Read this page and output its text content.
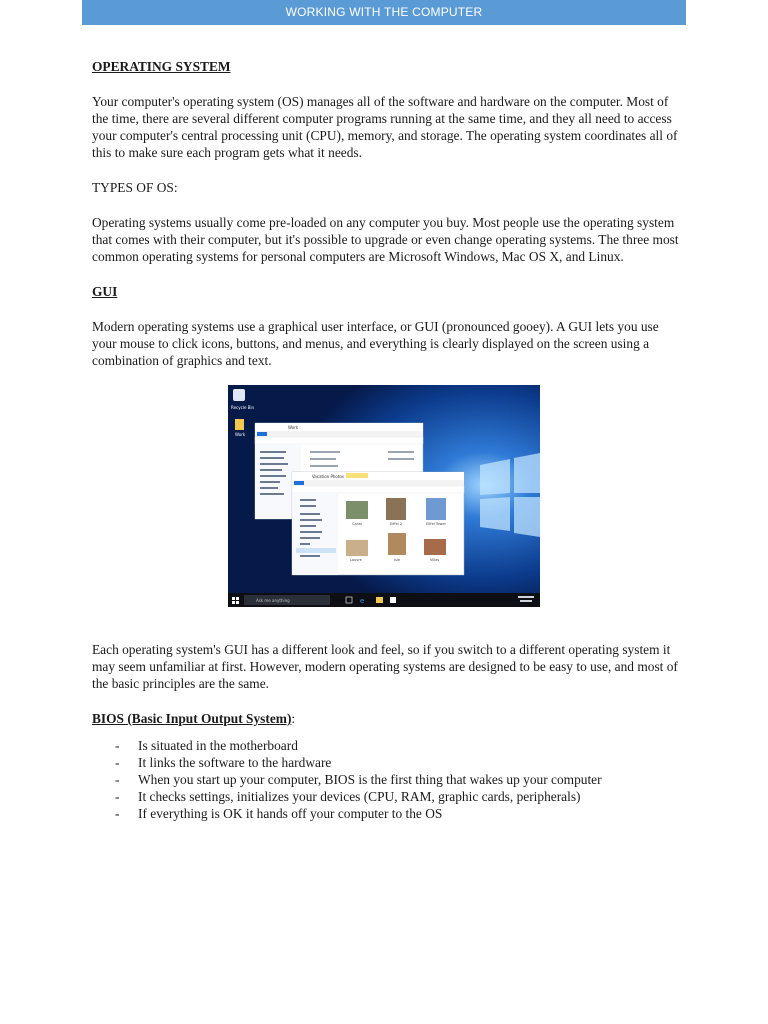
WORKING WITH THE COMPUTER

OPERATING SYSTEM

Your computer's operating system (OS) manages all of the software and hardware on the computer. Most of the time, there are several different computer programs running at the same time, and they all need to access your computer's central processing unit (CPU), memory, and storage. The operating system coordinates all of this to make sure each program gets what it needs.

TYPES OF OS:

Operating systems usually come pre-loaded on any computer you buy. Most people use the operating system that comes with their computer, but it's possible to upgrade or even change operating systems. The three most common operating systems for personal computers are Microsoft Windows, Mac OS X, and Linux.

GUI

Modern operating systems use a graphical user interface, or GUI (pronounced gooey). A GUI lets you use your mouse to click icons, buttons, and menus, and everything is clearly displayed on the screen using a combination of graphics and text.

Recycle Bin
Work
Work
Vacation Photos
Canal	Eiffel 2	Eiffel Tower
Louvre	Isle	Villas
Ask me anything	e

Each operating system's GUI has a different look and feel, so if you switch to a different operating system it may seem unfamiliar at first. However, modern operating systems are designed to be easy to use, and most of the basic principles are the same.

BIOS (Basic Input Output System):

- Is situated in the motherboard
- It links the software to the hardware
- When you start up your computer, BIOS is the first thing that wakes up your computer
- It checks settings, initializes your devices (CPU, RAM, graphic cards, peripherals)
- If everything is OK it hands off your computer to the OS
